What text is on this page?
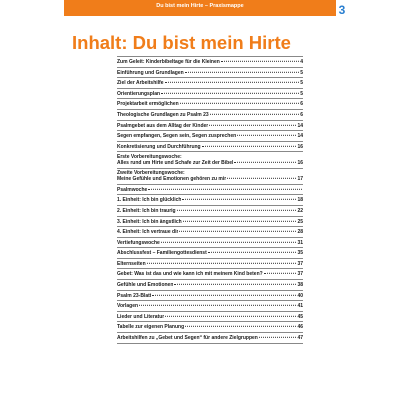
Du bist mein Hirte – Praxismappe	3
Inhalt: Du bist mein Hirte
Zum Geleit: Kinderbibeltage für die Kleinen	4
Einführung und Grundlagen	5
Ziel der Arbeitshilfe	5
Orientierungsplan	5
Projektarbeit ermöglichen	6
Theologische Grundlagen zu Psalm 23	6
Psalmgebet aus dem Alltag der Kinder	14
Segen empfangen, Segen sein, Segen zusprechen	14
Konkretisierung und Durchführung	16
Erste Vorbereitungswoche:
Alles rund um Hirte und Schafe zur Zeit der Bibel	16
Zweite Vorbereitungswoche:
Meine Gefühle und Emotionen gehören zu mir	17
Psalmwoche
1. Einheit: Ich bin glücklich	18
2. Einheit: Ich bin traurig	22
3. Einheit: Ich bin ängstlich	25
4. Einheit: Ich vertraue dir	28
Vertiefungswoche	31
Abschlussfest – Familiengottesdienst	35
Elternseiten	37
Gebet: Was ist das und wie kann ich mit meinem Kind beten?	37
Gefühle und Emotionen	38
Psalm 23-Blatt	40
Vorlagen	41
Lieder und Literatur	45
Tabelle zur eigenen Planung	46
Arbeitshilfen zu „Gebet und Segen“ für andere Zielgruppen	47
